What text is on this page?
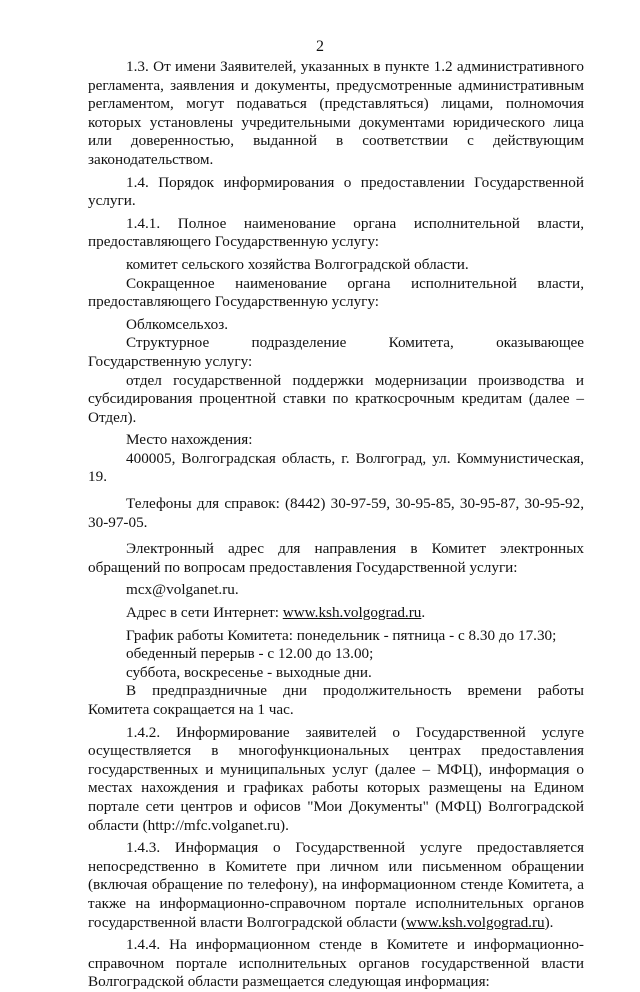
2

1.3. От имени Заявителей, указанных в пункте 1.2 административного регламента, заявления и документы, предусмотренные административным регламентом, могут подаваться (представляться) лицами, полномочия которых установлены учредительными документами юридического лица или доверенностью, выданной в соответствии с действующим законодательством.

1.4. Порядок информирования о предоставлении Государственной услуги.

1.4.1. Полное наименование органа исполнительной власти, предоставляющего Государственную услугу:

комитет сельского хозяйства Волгоградской области.

Сокращенное наименование органа исполнительной власти, предоставляющего Государственную услугу:

Облкомсельхоз.

Структурное подразделение Комитета, оказывающее Государственную услугу:

отдел государственной поддержки модернизации производства и субсидирования процентной ставки по краткосрочным кредитам (далее – Отдел).

Место нахождения:

400005, Волгоградская область, г. Волгоград, ул. Коммунистическая, 19.

Телефоны для справок: (8442) 30-97-59, 30-95-85, 30-95-87, 30-95-92, 30-97-05.

Электронный адрес для направления в Комитет электронных обращений по вопросам предоставления Государственной услуги:

mcx@volganet.ru.

Адрес в сети Интернет: www.ksh.volgograd.ru.

График работы Комитета: понедельник - пятница - с 8.30 до 17.30;

обеденный перерыв - с 12.00 до 13.00;

суббота, воскресенье - выходные дни.

В предпраздничные дни продолжительность времени работы Комитета сокращается на 1 час.

1.4.2. Информирование заявителей о Государственной услуге осуществляется в многофункциональных центрах предоставления государственных и муниципальных услуг (далее – МФЦ), информация о местах нахождения и графиках работы которых размещены на Едином портале сети центров и офисов "Мои Документы" (МФЦ) Волгоградской области (http://mfc.volganet.ru).

1.4.3. Информация о Государственной услуге предоставляется непосредственно в Комитете при личном или письменном обращении (включая обращение по телефону), на информационном стенде Комитета, а также на информационно-справочном портале исполнительных органов государственной власти Волгоградской области (www.ksh.volgograd.ru).

1.4.4. На информационном стенде в Комитете и информационно-справочном портале исполнительных органов государственной власти Волгоградской области размещается следующая информация:
